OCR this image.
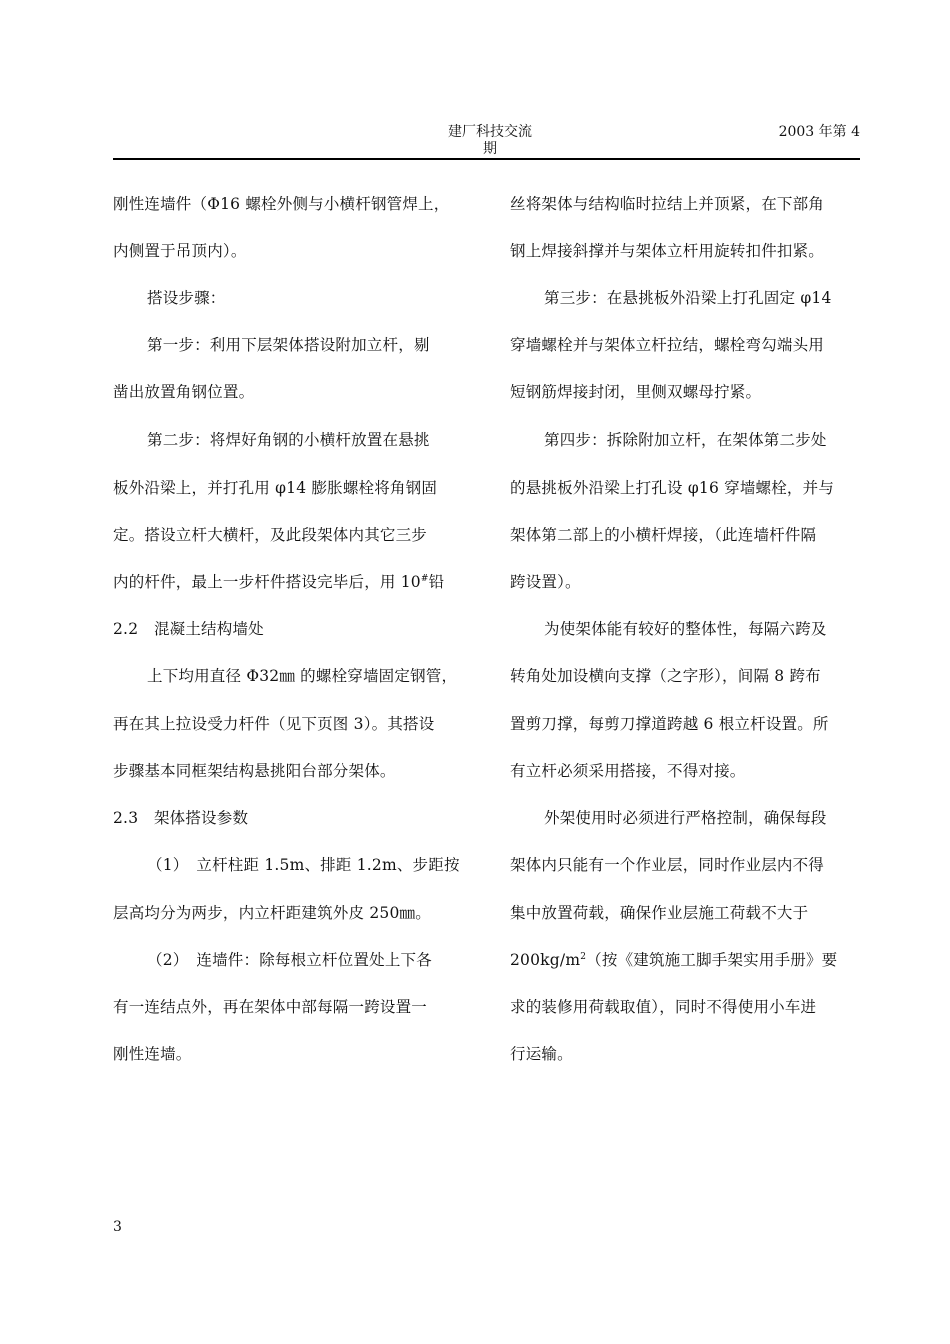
建厂科技交流
期
2003 年第 4
刚性连墙件（Φ16 螺栓外侧与小横杆钢管焊上，
内侧置于吊顶内）。
搭设步骤：
第一步：利用下层架体搭设附加立杆，剔
凿出放置角钢位置。
第二步：将焊好角钢的小横杆放置在悬挑
板外沿梁上，并打孔用 φ14 膨胀螺栓将角钢固
定。搭设立杆大横杆，及此段架体内其它三步
内的杆件，最上一步杆件搭设完毕后，用 10#铅
2.2　混凝土结构墙处
上下均用直径 Φ32㎜ 的螺栓穿墙固定钢管，
再在其上拉设受力杆件（见下页图 3）。其搭设
步骤基本同框架结构悬挑阳台部分架体。
2.3　架体搭设参数
（1）　立杆柱距 1.5m、排距 1.2m、步距按
层高均分为两步，内立杆距建筑外皮 250㎜。
（2）　连墙件：除每根立杆位置处上下各
有一连结点外，再在架体中部每隔一跨设置一
刚性连墙。
丝将架体与结构临时拉结上并顶紧，在下部角
钢上焊接斜撑并与架体立杆用旋转扣件扣紧。
第三步：在悬挑板外沿梁上打孔固定 φ14
穿墙螺栓并与架体立杆拉结，螺栓弯勾端头用
短钢筋焊接封闭，里侧双螺母拧紧。
第四步：拆除附加立杆，在架体第二步处
的悬挑板外沿梁上打孔设 φ16 穿墙螺栓，并与
架体第二部上的小横杆焊接，（此连墙杆件隔
跨设置）。
为使架体能有较好的整体性，每隔六跨及
转角处加设横向支撑（之字形），间隔 8 跨布
置剪刀撑，每剪刀撑道跨越 6 根立杆设置。所
有立杆必须采用搭接，不得对接。
外架使用时必须进行严格控制，确保每段
架体内只能有一个作业层，同时作业层内不得
集中放置荷载，确保作业层施工荷载不大于
$200kg/m^2$（按《建筑施工脚手架实用手册》要
求的装修用荷载取值），同时不得使用小车进
行运输。
3
